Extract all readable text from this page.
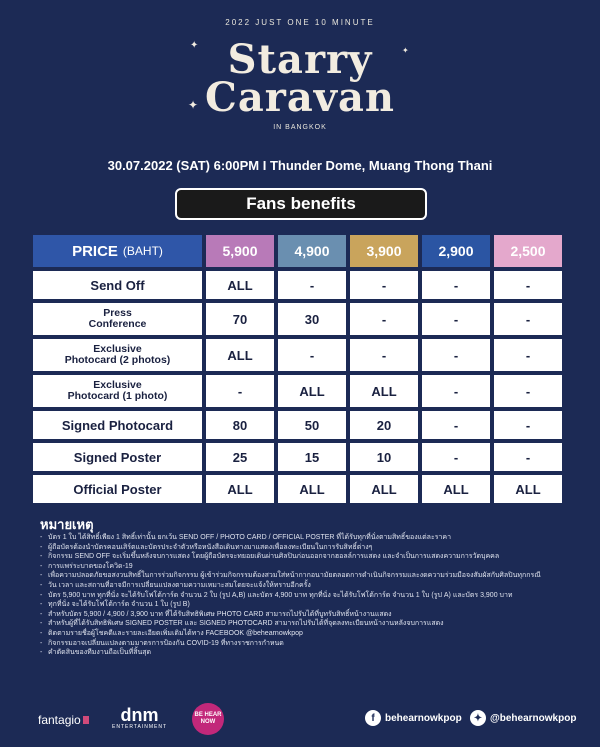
2022 JUST ONE 10 MINUTE
✦	✦
✦
Starry
Caravan
IN BANGKOK
30.07.2022 (SAT) 6:00PM I Thunder Dome, Muang Thong Thani
Fans benefits
PRICE (BAHT)	5,900	4,900	3,900	2,900	2,500
Send Off	ALL	-	-	-	-
Press
Conference	70	30	-	-	-
Exclusive
Photocard (2 photos)	ALL	-	-	-	-
Exclusive
Photocard (1 photo)	-	ALL	ALL	-	-
Signed Photocard	80	50	20	-	-
Signed Poster	25	15	10	-	-
Official Poster	ALL	ALL	ALL	ALL	ALL
หมายเหตุ
- บัตร 1 ใบ ได้สิทธิ์เพียง 1 สิทธิ์เท่านั้น ยกเว้น SEND OFF / PHOTO CARD / OFFICIAL POSTER ที่ได้รับทุกที่นั่งตามสิทธิ์ของแต่ละราคา
- ผู้ถือบัตรต้องนำบัตรคอนเสิร์ตและบัตรประจำตัวหรือหนังสือเดินทางมาแสดงเพื่อลงทะเบียนในการรับสิทธิ์ต่างๆ
- กิจกรรม SEND OFF จะเริ่มขึ้นหลังจบการแสดง โดยผู้ถือบัตรจะทยอยเดินผ่านศิลปินก่อนออกจากฮอลล์การแสดง และจำเป็นการแสดงความการวัดบุคคล
- การแพร่ระบาดของโควิด-19
- เพื่อความปลอดภัยขอสงวนสิทธิ์ในการร่วมกิจกรรม ผู้เข้าร่วมกิจกรรมต้องสวมใส่หน้ากากอนามัยตลอดการดำเนินกิจกรรมและงดความร่วมมือจงสัมผัสกับศิลปินทุกกรณี
- วัน เวลา และสถานที่อาจมีการเปลี่ยนแปลงตามความเหมาะสมโดยจะแจ้งให้ทราบอีกครั้ง
- บัตร 5,900 บาท ทุกที่นั่ง จะได้รับโฟโต้การ์ด จำนวน 2 ใบ (รูป A,B) และบัตร 4,900 บาท ทุกที่นั่ง จะได้รับโฟโต้การ์ด จำนวน 1 ใบ (รูป A) และบัตร 3,900 บาท
- ทุกที่นั่ง จะได้รับโฟโต้การ์ด จำนวน 1 ใบ (รูป B)
- สำหรับบัตร 5,900 / 4,900 / 3,900 บาท ที่ได้รับสิทธิพิเศษ PHOTO CARD สามารถไปรับได้ที่บูทรับสิทธิ์หน้างานแสดง
- สำหรับผู้ที่ได้รับสิทธิพิเศษ SIGNED POSTER และ SIGNED PHOTOCARD สามารถไปรับได้ที่จุดลงทะเบียนหน้างานหลังจบการแสดง
- ติดตามรายชื่อผู้โชคดีและรายละเอียดเพิ่มเติมได้ทาง FACEBOOK @behearnowkpop
- กิจกรรมอาจเปลี่ยนแปลงตามมาตรการป้องกัน COVID-19 ที่ทางราชการกำหนด
- คำตัดสินของทีมงานถือเป็นที่สิ้นสุด
fantagio	dnm
ENTERTAINMENT
BE HEAR NOW	f	behearnowkpop	✦ @behearnowkpop
